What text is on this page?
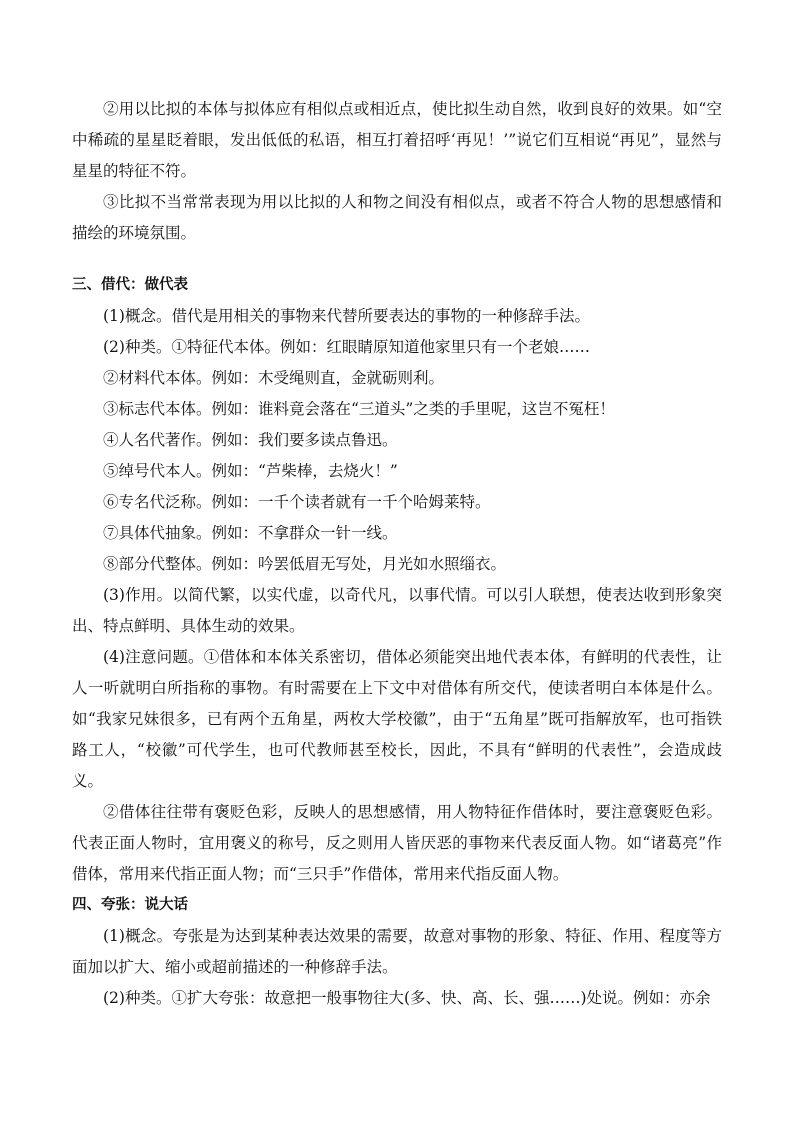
②用以比拟的本体与拟体应有相似点或相近点，使比拟生动自然，收到良好的效果。如“空中稀疏的星星眨着眼，发出低低的私语，相互打着招呼‘再见！’”说它们互相说“再见”，显然与星星的特征不符。

③比拟不当常常表现为用以比拟的人和物之间没有相似点，或者不符合人物的思想感情和描绘的环境氛围。

三、借代：做代表

(1)概念。借代是用相关的事物来代替所要表达的事物的一种修辞手法。

(2)种类。①特征代本体。例如：红眼睛原知道他家里只有一个老娘……

②材料代本体。例如：木受绳则直，金就砺则利。

③标志代本体。例如：谁料竟会落在“三道头”之类的手里呢，这岂不冤枉！

④人名代著作。例如：我们要多读点鲁迅。

⑤绰号代本人。例如：“芦柴棒，去烧火！”

⑥专名代泛称。例如：一千个读者就有一千个哈姆莱特。

⑦具体代抽象。例如：不拿群众一针一线。

⑧部分代整体。例如：吟罢低眉无写处，月光如水照缁衣。

(3)作用。以简代繁，以实代虚，以奇代凡，以事代情。可以引人联想，使表达收到形象突出、特点鲜明、具体生动的效果。

(4)注意问题。①借体和本体关系密切，借体必须能突出地代表本体，有鲜明的代表性，让人一听就明白所指称的事物。有时需要在上下文中对借体有所交代，使读者明白本体是什么。如“我家兄妹很多，已有两个五角星，两枚大学校徽”，由于“五角星”既可指解放军，也可指铁路工人，“校徽”可代学生，也可代教师甚至校长，因此，不具有“鲜明的代表性”，会造成歧义。

②借体往往带有褒贬色彩，反映人的思想感情，用人物特征作借体时，要注意褒贬色彩。代表正面人物时，宜用褒义的称号，反之则用人皆厌恶的事物来代表反面人物。如“诸葛亮”作借体，常用来代指正面人物；而“三只手”作借体，常用来代指反面人物。

四、夸张：说大话

(1)概念。夸张是为达到某种表达效果的需要，故意对事物的形象、特征、作用、程度等方面加以扩大、缩小或超前描述的一种修辞手法。

(2)种类。①扩大夸张：故意把一般事物往大(多、快、高、长、强……)处说。例如：亦余
